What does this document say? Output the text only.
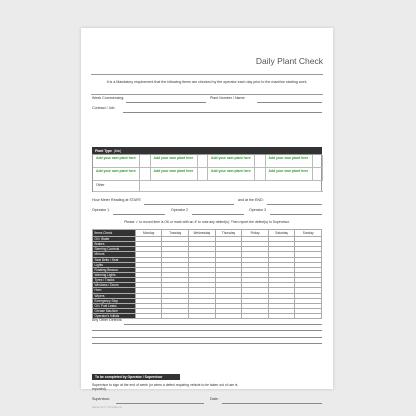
Daily Plant Check
It is a Mandatory requirement that the following items are checked by the operator each day prior to the machine starting work.
Week Commencing:	Plant Number / Name:
Contract / Job:
Plant Type (tick)
Add your own plant here	Add your own plant here	Add your own plant here	Add your own plant here
Add your own plant here	Add your own plant here	Add your own plant here	Add your own plant here
Other
Hour Meter Reading at START:	and at the END:
Operator 1	Operator 2	Operator 3
Please ✓ to record item is OK or mark with an ✗ to note any defect(s). Then report the defect(s) to Supervisor.
Items Check	Monday	Tuesday	Wednesday	Thursday	Friday	Saturday	Sunday
Oil / Water							
Brakes							
Steering Controls							
Mirrors							
Seat Belts / Seat							
Lights							
Rotating Beacon							
Warning Lights							
Tyres / Tracks							
Windows / Doors							
Horn							
Wipers							
Emergency Stop							
Oil / Fuel Leaks							
Grease Machine							
Operator's Initials							
Any Other Defects:
To be completed by Operator / Supervisor
Supervisor to sign at the end of week (or when a defect requiring vehicle to be taken out of use is reported).
Supervisor:	Date:
Sample Doc © Template.net
